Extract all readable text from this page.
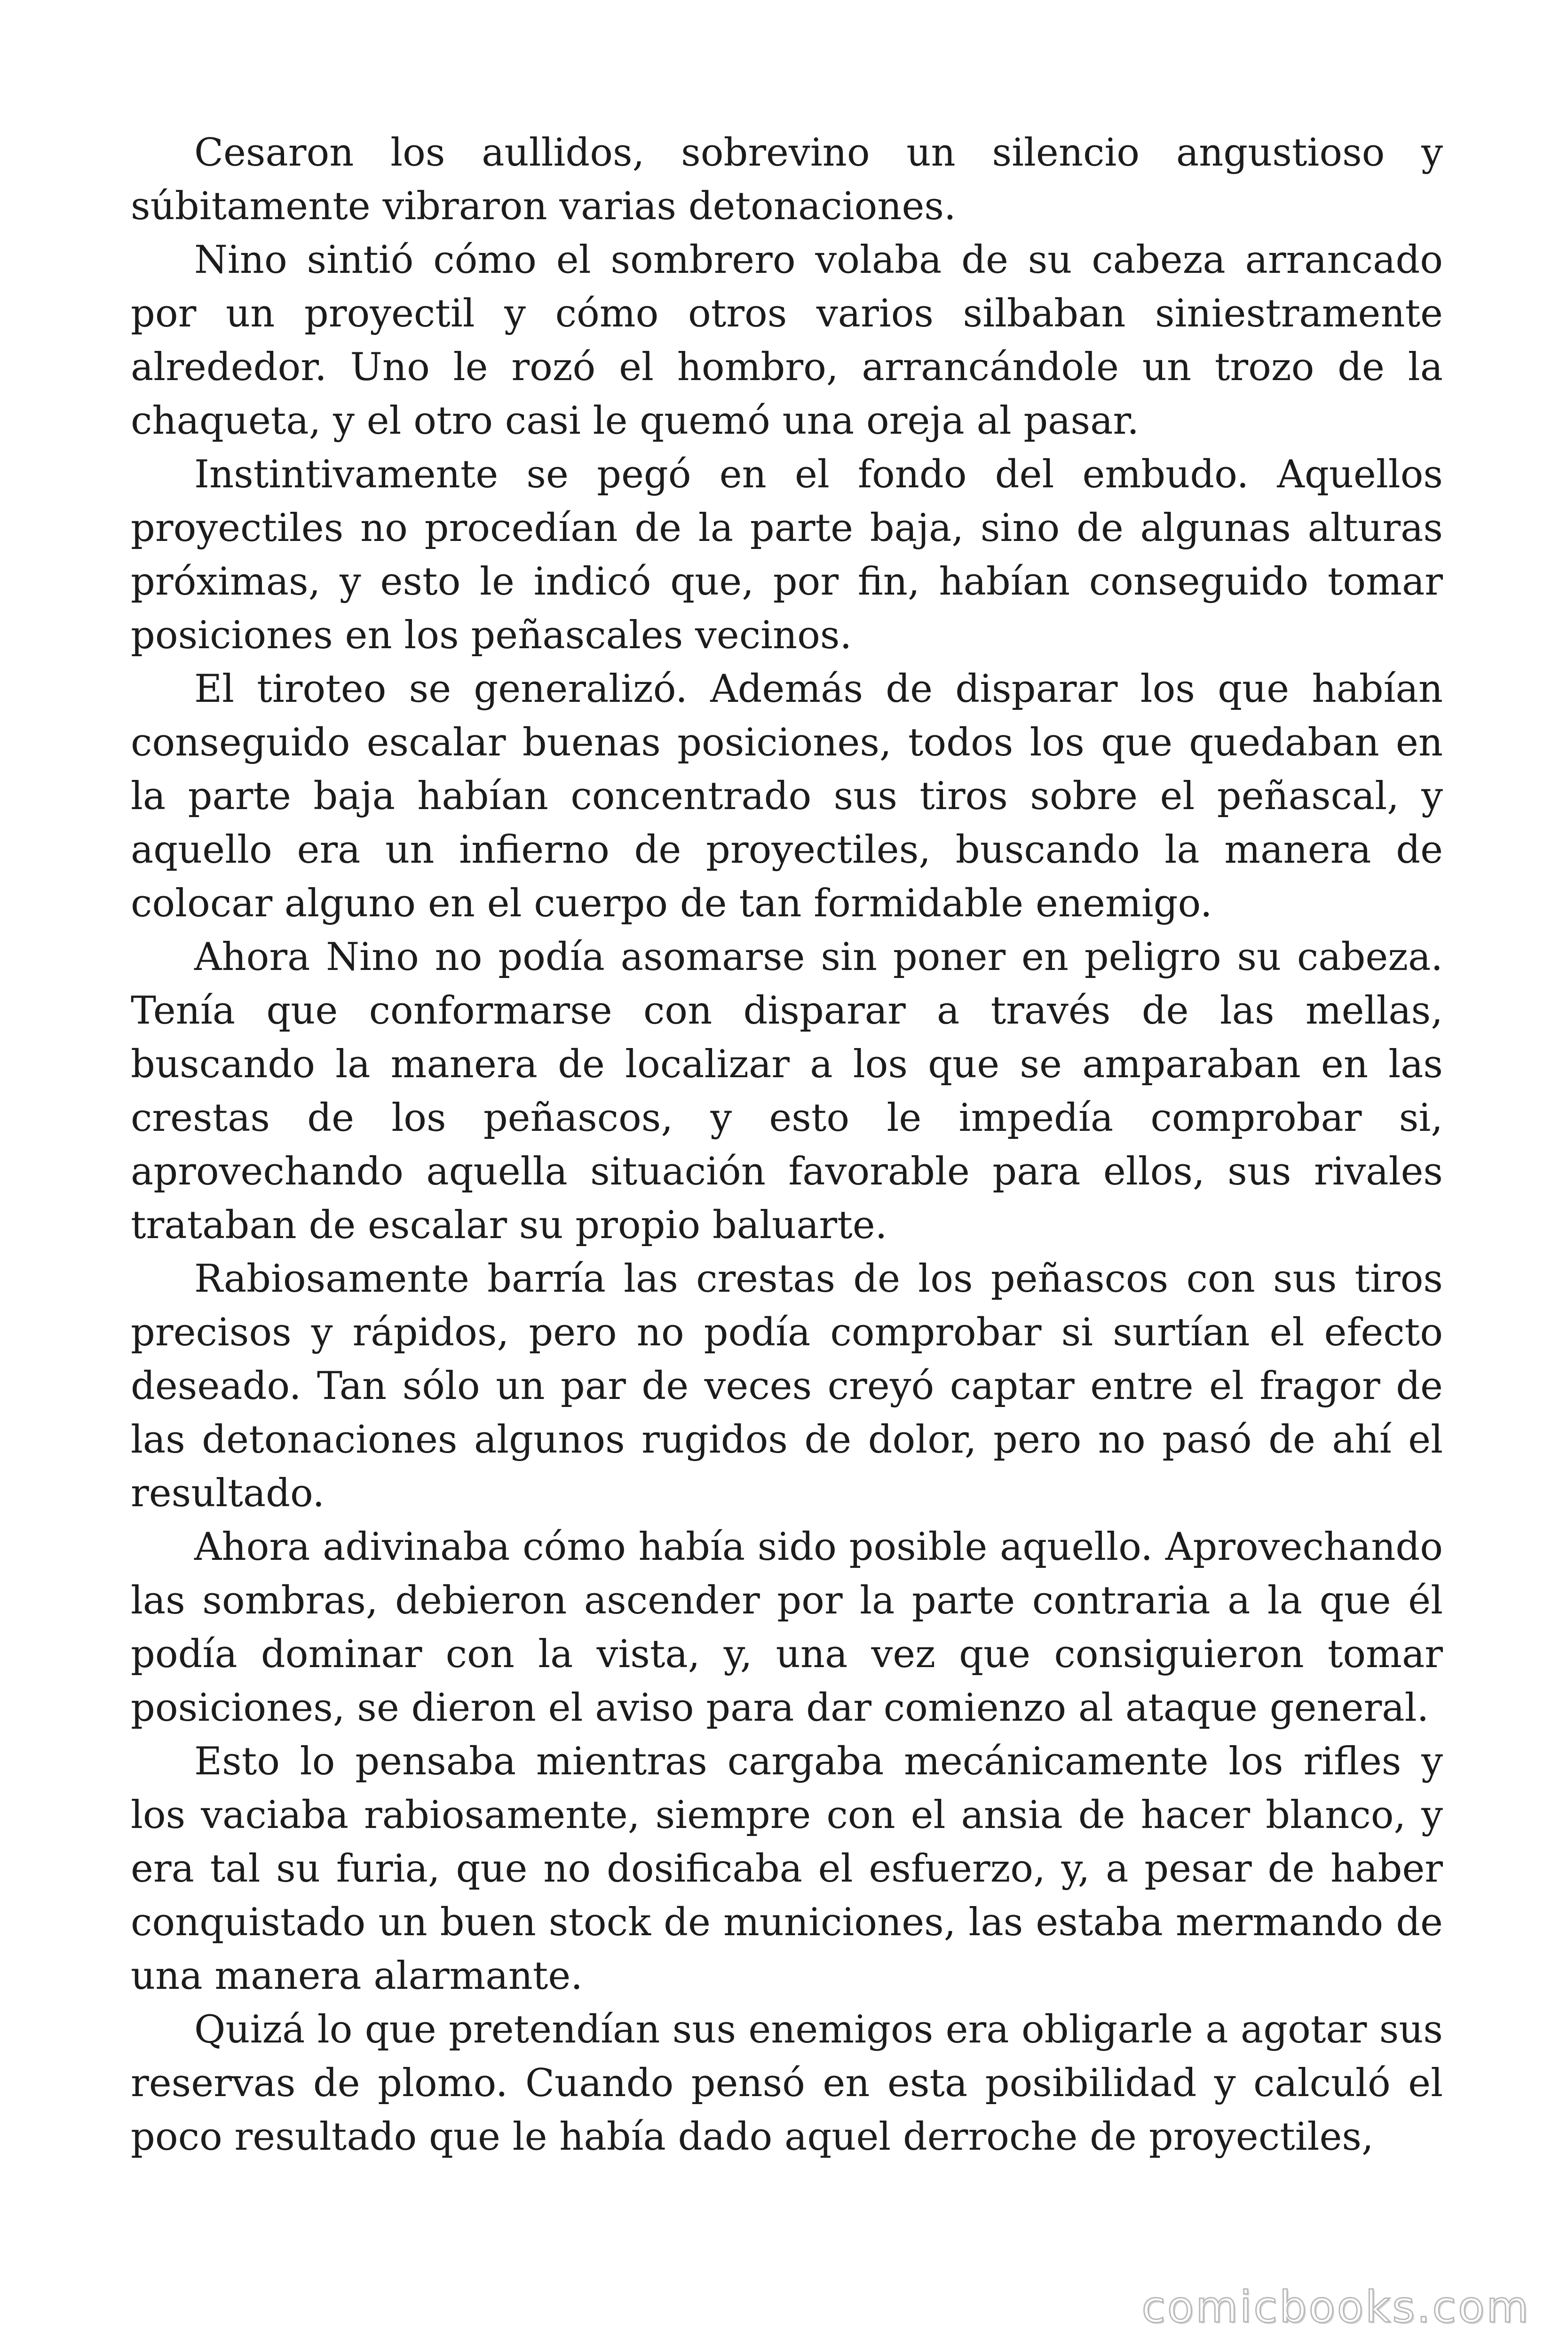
Cesaron los aullidos, sobrevino un silencio angustioso y súbitamente vibraron varias detonaciones.

Nino sintió cómo el sombrero volaba de su cabeza arrancado por un proyectil y cómo otros varios silbaban siniestramente alrededor. Uno le rozó el hombro, arrancándole un trozo de la chaqueta, y el otro casi le quemó una oreja al pasar.

Instintivamente se pegó en el fondo del embudo. Aquellos proyectiles no procedían de la parte baja, sino de algunas alturas próximas, y esto le indicó que, por fin, habían conseguido tomar posiciones en los peñascales vecinos.

El tiroteo se generalizó. Además de disparar los que habían conseguido escalar buenas posiciones, todos los que quedaban en la parte baja habían concentrado sus tiros sobre el peñascal, y aquello era un infierno de proyectiles, buscando la manera de colocar alguno en el cuerpo de tan formidable enemigo.

Ahora Nino no podía asomarse sin poner en peligro su cabeza. Tenía que conformarse con disparar a través de las mellas, buscando la manera de localizar a los que se amparaban en las crestas de los peñascos, y esto le impedía comprobar si, aprovechando aquella situación favorable para ellos, sus rivales trataban de escalar su propio baluarte.

Rabiosamente barría las crestas de los peñascos con sus tiros precisos y rápidos, pero no podía comprobar si surtían el efecto deseado. Tan sólo un par de veces creyó captar entre el fragor de las detonaciones algunos rugidos de dolor, pero no pasó de ahí el resultado.

Ahora adivinaba cómo había sido posible aquello. Aprovechando las sombras, debieron ascender por la parte contraria a la que él podía dominar con la vista, y, una vez que consiguieron tomar posiciones, se dieron el aviso para dar comienzo al ataque general.

Esto lo pensaba mientras cargaba mecánicamente los rifles y los vaciaba rabiosamente, siempre con el ansia de hacer blanco, y era tal su furia, que no dosificaba el esfuerzo, y, a pesar de haber conquistado un buen stock de municiones, las estaba mermando de una manera alarmante.

Quizá lo que pretendían sus enemigos era obligarle a agotar sus reservas de plomo. Cuando pensó en esta posibilidad y calculó el poco resultado que le había dado aquel derroche de proyectiles,

comicbooks.com
